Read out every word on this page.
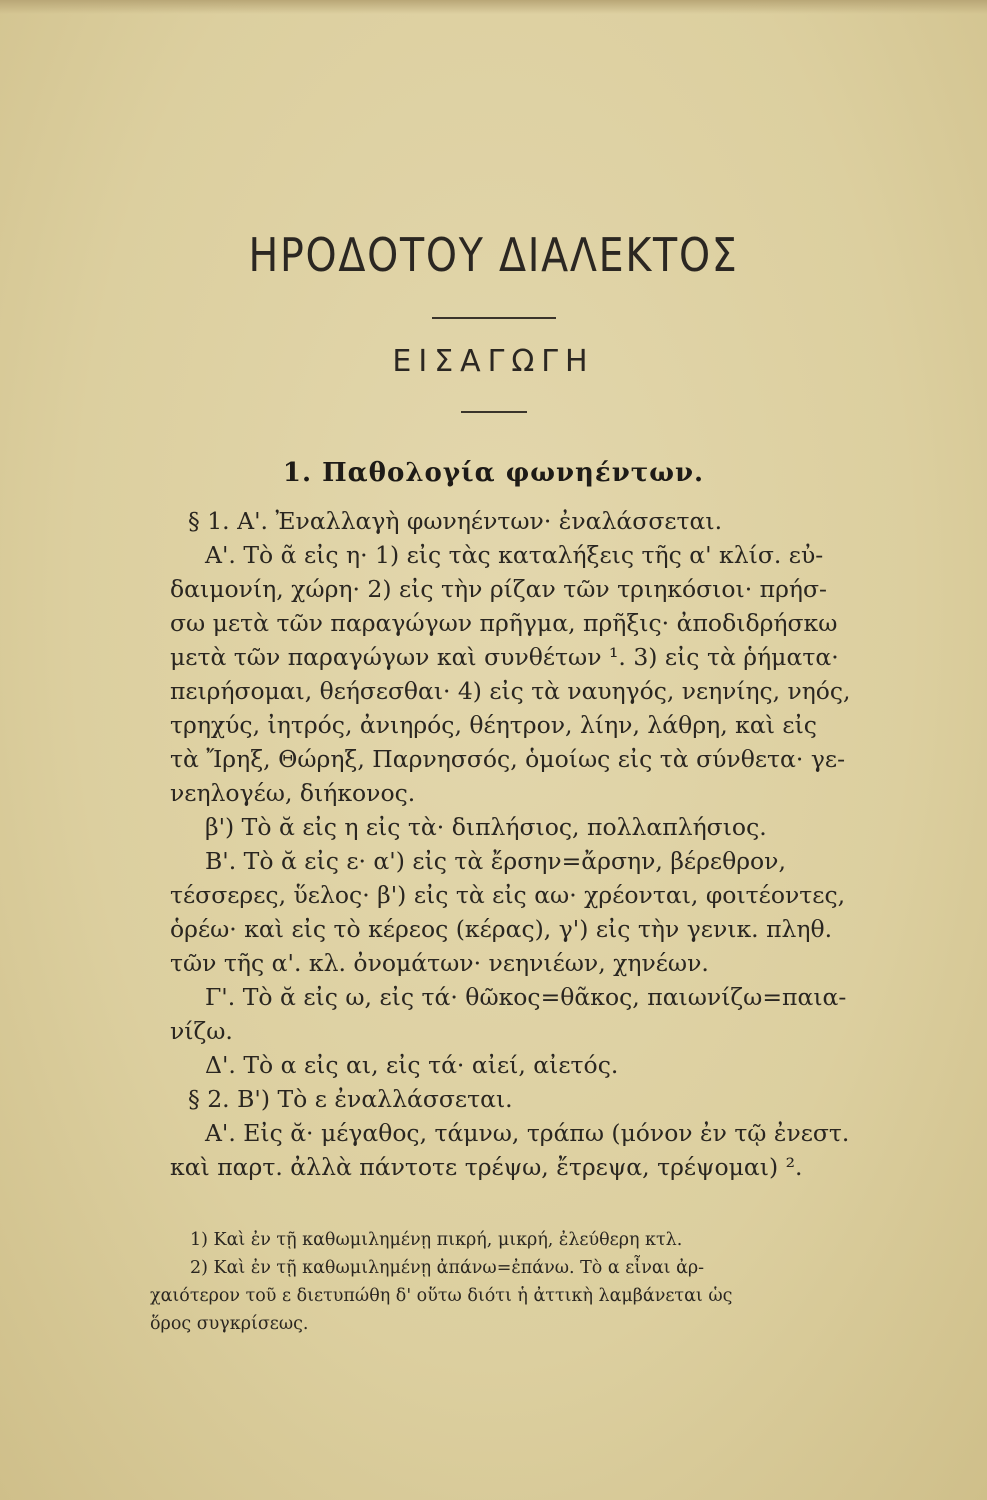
ΗΡΟΔΟΤΟΥ ΔΙΑΛΕΚΤΟΣ
ΕΙΣΑΓΩΓΗ
1. Παθολογία φωνηέντων.
§ 1. Α'. Ἐναλλαγὴ φωνηέντων· ἐναλάσσεται.
Α'. Τὸ ᾶ εἰς η· 1) εἰς τὰς καταλήξεις τῆς α' κλίσ. εὐ-
δαιμονίη, χώρη· 2) εἰς τὴν ρίζαν τῶν τριηκόσιοι· πρήσ-
σω μετὰ τῶν παραγώγων πρῆγμα, πρῆξις· ἀποδιδρήσκω
μετὰ τῶν παραγώγων καὶ συνθέτων ¹. 3) εἰς τὰ ῥήματα·
πειρήσομαι, θεήσεσθαι· 4) εἰς τὰ ναυηγός, νεηνίης, νηός,
τρηχύς, ἰητρός, ἀνιηρός, θέητρον, λίην, λάθρη, καὶ εἰς
τὰ Ἴρηξ, Θώρηξ, Παρνησσός, ὁμοίως εἰς τὰ σύνθετα· γε-
νεηλογέω, διήκονος.
β') Τὸ ᾰ εἰς η εἰς τὰ· διπλήσιος, πολλαπλήσιος.
Β'. Τὸ ᾰ εἰς ε· α') εἰς τὰ ἔρσην=ἄρσην, βέρεθρον,
τέσσερες, ὕελος· β') εἰς τὰ εἰς αω· χρέονται, φοιτέοντες,
ὁρέω· καὶ εἰς τὸ κέρεος (κέρας), γ') εἰς τὴν γενικ. πληθ.
τῶν τῆς α'. κλ. ὀνομάτων· νεηνιέων, χηνέων.
Γ'. Τὸ ᾰ εἰς ω, εἰς τά· θῶκος=θᾶκος, παιωνίζω=παια-
νίζω.
Δ'. Τὸ α εἰς αι, εἰς τά· αἰεί, αἰετός.
§ 2. Β') Τὸ ε ἐναλλάσσεται.
Α'. Εἰς ᾰ· μέγαθος, τάμνω, τράπω (μόνον ἐν τῷ ἐνεστ.
καὶ παρτ. ἀλλὰ πάντοτε τρέψω, ἔτρεψα, τρέψομαι) ².
1) Καὶ ἐν τῇ καθωμιλημένῃ πικρή, μικρή, ἐλεύθερη κτλ.
2) Καὶ ἐν τῇ καθωμιλημένῃ ἀπάνω=ἐπάνω. Τὸ α εἶναι ἀρ-
χαιότερον τοῦ ε διετυπώθη δ' οὕτω διότι ἡ ἀττικὴ λαμβάνεται ὡς
ὅρος συγκρίσεως.
